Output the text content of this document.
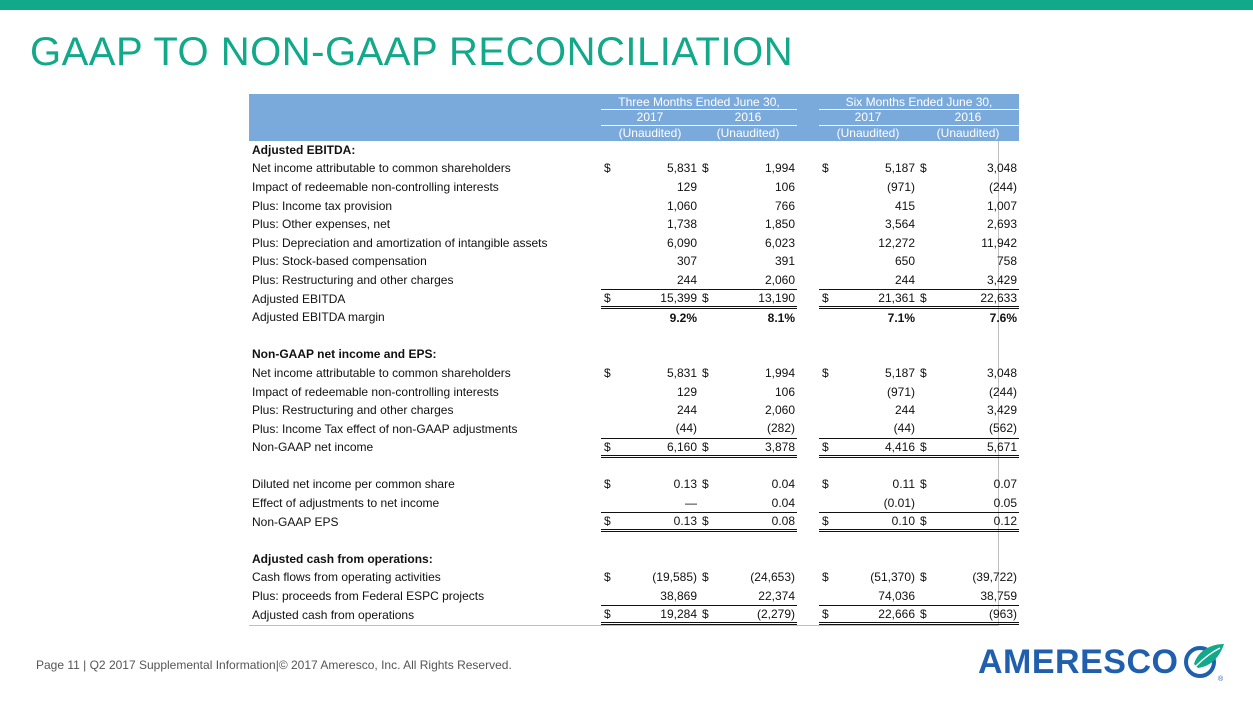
GAAP TO NON-GAAP RECONCILIATION
	Three Months Ended June 30,					Six Months Ended June 30,			
	2017		2016			2017		2016	
	(Unaudited)		(Unaudited)			(Unaudited)		(Unaudited)	
Adjusted EBITDA:									
Net income attributable to common shareholders	$	5,831	$	1,994		$	5,187	$	3,048
Impact of redeemable non-controlling interests		129		106			(971)		(244)
Plus: Income tax provision		1,060		766			415		1,007
Plus: Other expenses, net		1,738		1,850			3,564		2,693
Plus: Depreciation and amortization of intangible assets		6,090		6,023			12,272		11,942
Plus: Stock-based compensation		307		391			650		758
Plus: Restructuring and other charges		244		2,060			244		3,429
Adjusted EBITDA	$	15,399	$	13,190		$	21,361	$	22,633
Adjusted EBITDA margin		9.2%		8.1%			7.1%		7.6%

Non-GAAP net income and EPS:									
Net income attributable to common shareholders	$	5,831	$	1,994		$	5,187	$	3,048
Impact of redeemable non-controlling interests		129		106			(971)		(244)
Plus: Restructuring and other charges		244		2,060			244		3,429
Plus: Income Tax effect of non-GAAP adjustments		(44)		(282)			(44)		(562)
Non-GAAP net income	$	6,160	$	3,878		$	4,416	$	5,671

Diluted net income per common share	$	0.13	$	0.04		$	0.11	$	0.07
Effect of adjustments to net income		—		0.04			(0.01)		0.05
Non-GAAP EPS	$	0.13	$	0.08		$	0.10	$	0.12

Adjusted cash from operations:									
Cash flows from operating activities	$	(19,585)	$	(24,653)		$	(51,370)	$	(39,722)
Plus: proceeds from Federal ESPC projects		38,869		22,374			74,036		38,759
Adjusted cash from operations	$	19,284	$	(2,279)		$	22,666	$	(963)
Page 11 | Q2 2017 Supplemental Information|© 2017 Ameresco, Inc. All Rights Reserved.	AMERESCO	®
